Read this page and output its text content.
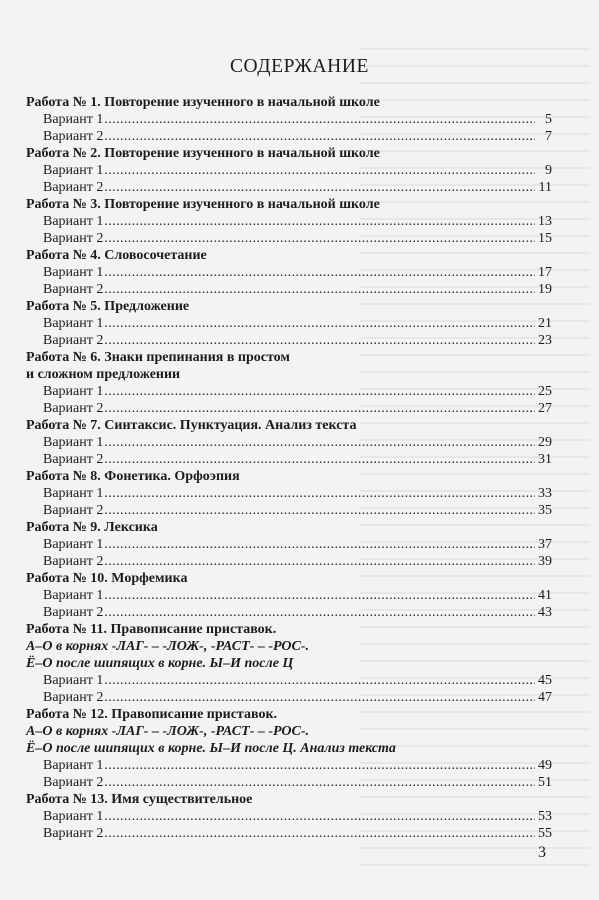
СОДЕРЖАНИЕ
Работа № 1. Повторение изученного в начальной школе
Вариант 1 .....	5
Вариант 2 .....	7
Работа № 2. Повторение изученного в начальной школе
Вариант 1 .....	9
Вариант 2 .....	11
Работа № 3. Повторение изученного в начальной школе
Вариант 1 .....	13
Вариант 2 .....	15
Работа № 4. Словосочетание
Вариант 1 .....	17
Вариант 2 .....	19
Работа № 5. Предложение
Вариант 1 .....	21
Вариант 2 .....	23
Работа № 6. Знаки препинания в простом
и сложном предложении
Вариант 1 .....	25
Вариант 2 .....	27
Работа № 7. Синтаксис. Пунктуация. Анализ текста
Вариант 1 .....	29
Вариант 2 .....	31
Работа № 8. Фонетика. Орфоэпия
Вариант 1 .....	33
Вариант 2 .....	35
Работа № 9. Лексика
Вариант 1 .....	37
Вариант 2 .....	39
Работа № 10. Морфемика
Вариант 1 .....	41
Вариант 2 .....	43
Работа № 11. Правописание приставок.
А–О в корнях -ЛАГ- – -ЛОЖ-, -РАСТ- – -РОС-.
Ё–О после шипящих в корне. Ы–И после Ц
Вариант 1 .....	45
Вариант 2 .....	47
Работа № 12. Правописание приставок.
А–О в корнях -ЛАГ- – -ЛОЖ-, -РАСТ- – -РОС-.
Ё–О после шипящих в корне. Ы–И после Ц. Анализ текста
Вариант 1 .....	49
Вариант 2 .....	51
Работа № 13. Имя существительное
Вариант 1 .....	53
Вариант 2 .....	55
3
